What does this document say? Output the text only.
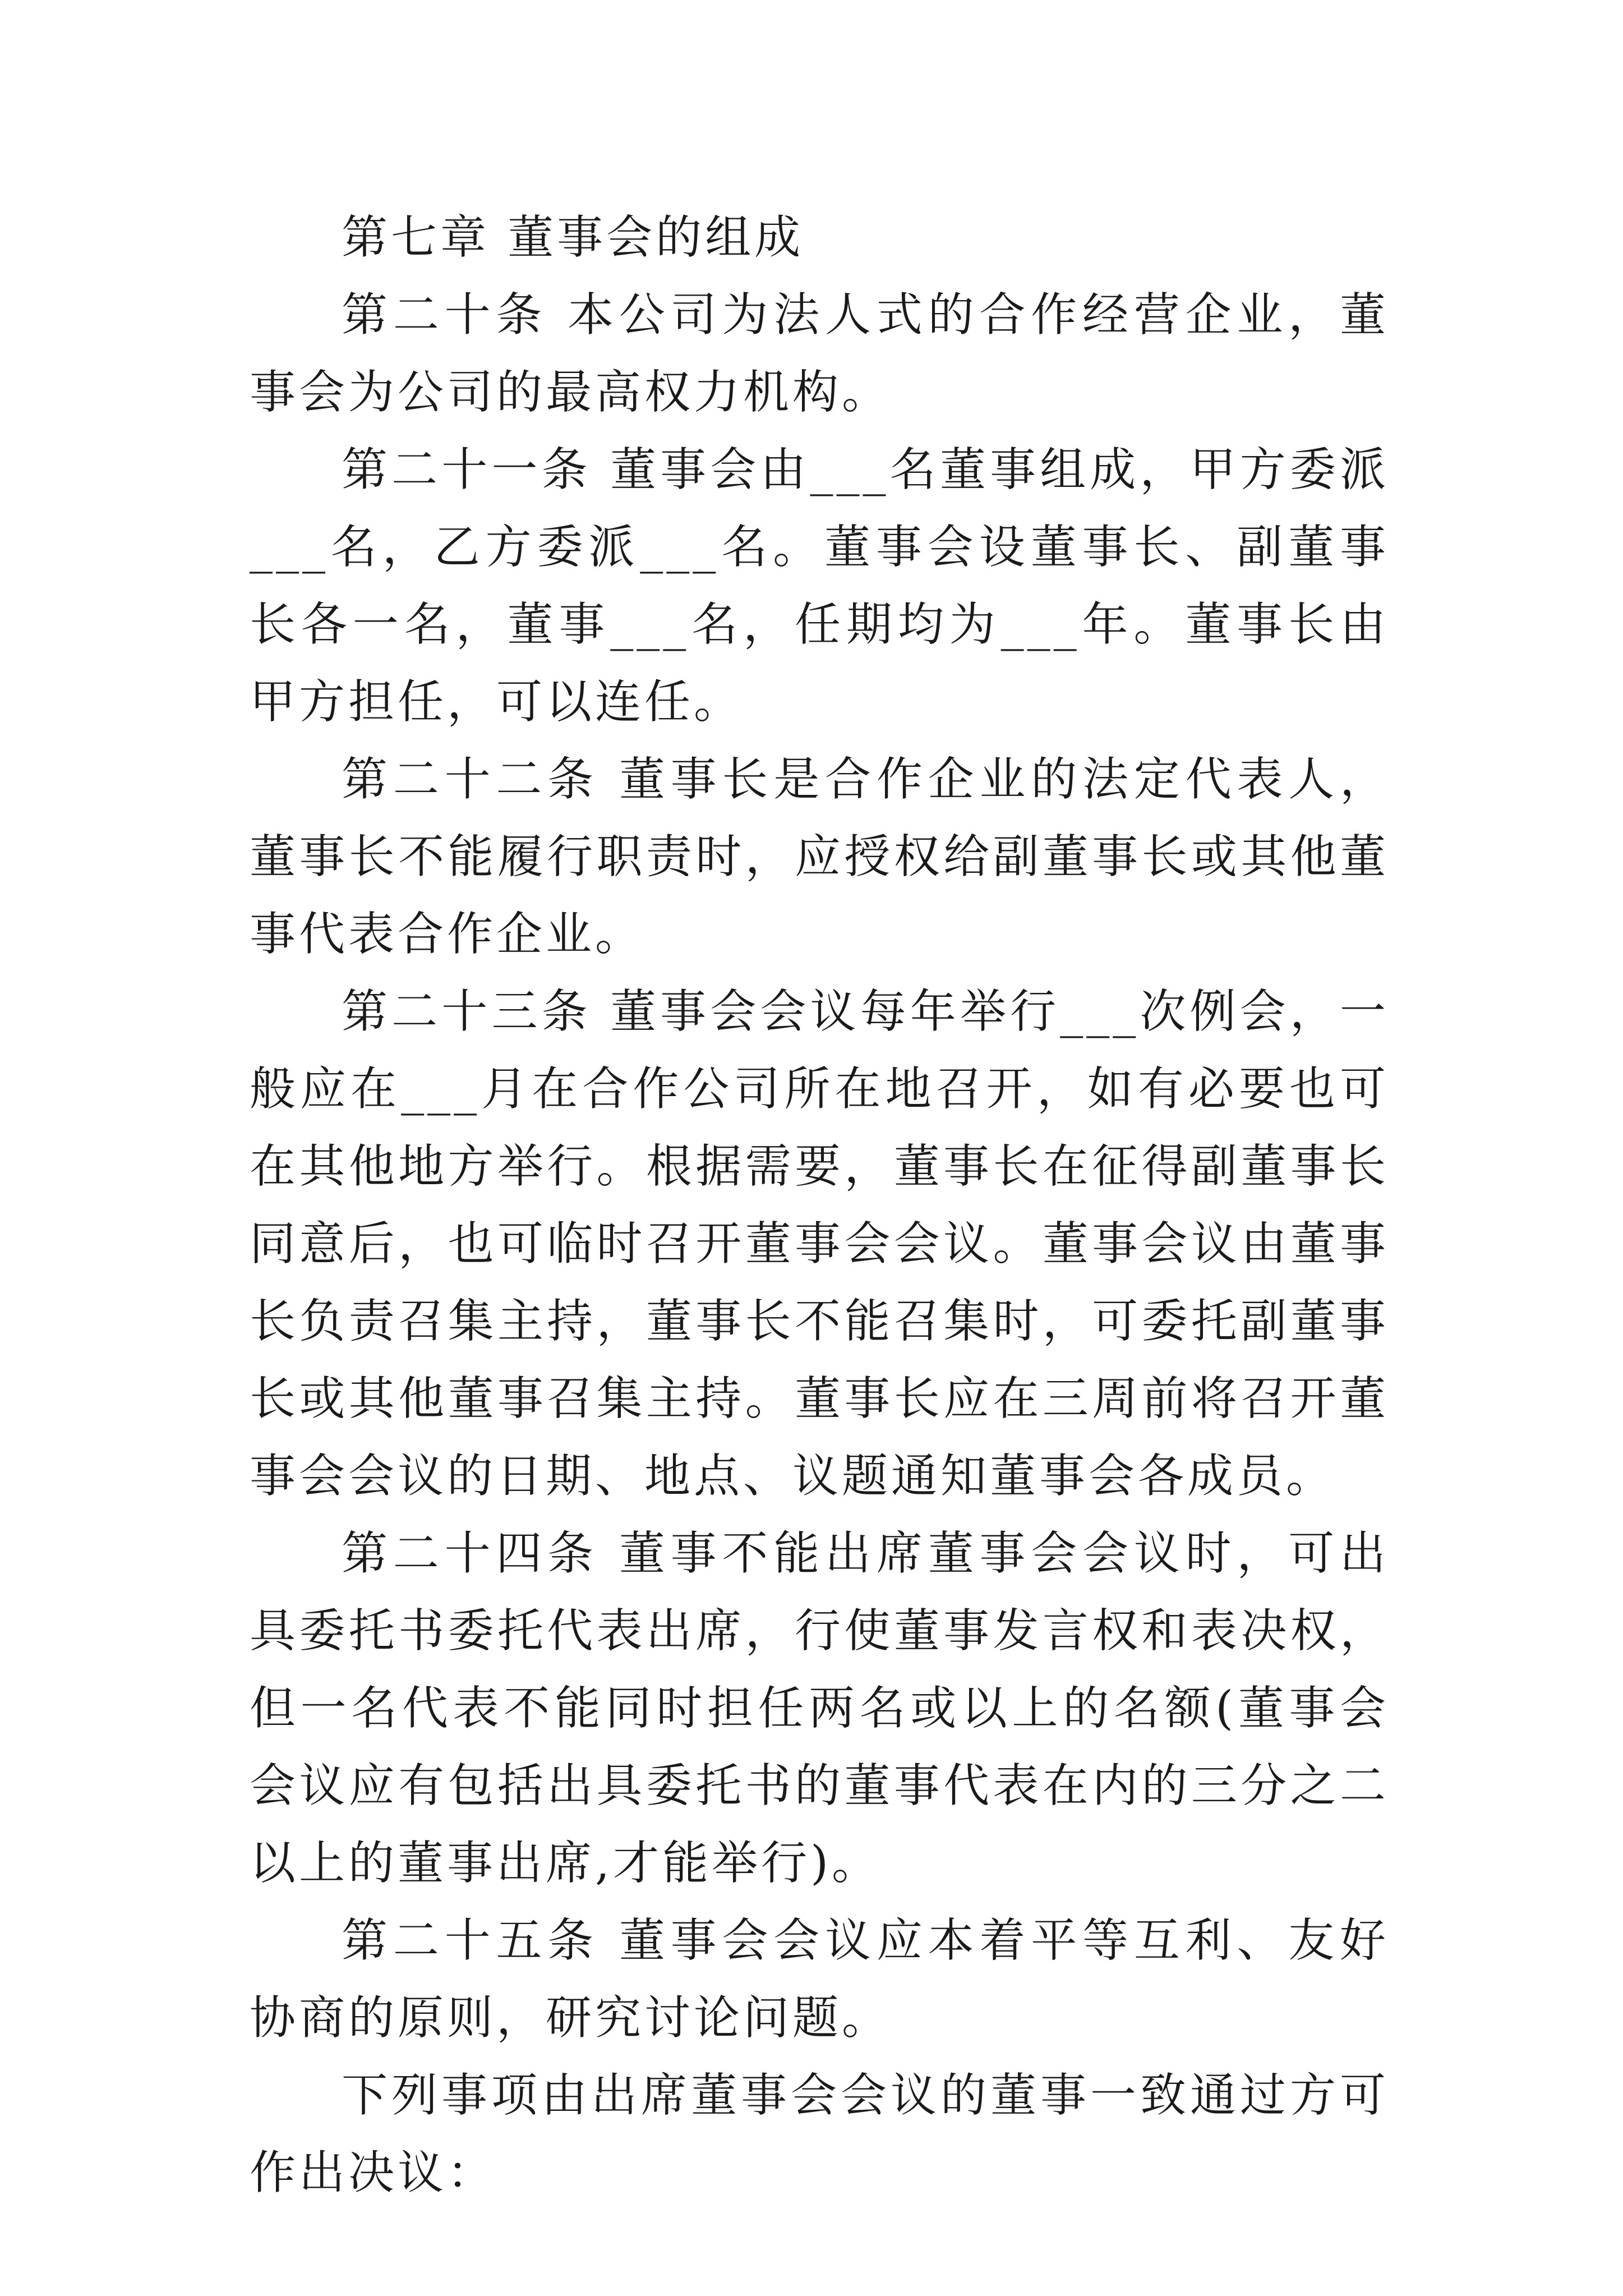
第七章 董事会的组成

第二十条 本公司为法人式的合作经营企业，董事会为公司的最高权力机构。

第二十一条 董事会由___名董事组成，甲方委派___名，乙方委派___名。董事会设董事长、副董事长各一名，董事___名，任期均为___年。董事长由甲方担任，可以连任。

第二十二条 董事长是合作企业的法定代表人，董事长不能履行职责时，应授权给副董事长或其他董事代表合作企业。

第二十三条 董事会会议每年举行___次例会，一般应在___月在合作公司所在地召开，如有必要也可在其他地方举行。根据需要，董事长在征得副董事长同意后，也可临时召开董事会会议。董事会议由董事长负责召集主持，董事长不能召集时，可委托副董事长或其他董事召集主持。董事长应在三周前将召开董事会会议的日期、地点、议题通知董事会各成员。

第二十四条 董事不能出席董事会会议时，可出具委托书委托代表出席，行使董事发言权和表决权，但一名代表不能同时担任两名或以上的名额(董事会会议应有包括出具委托书的董事代表在内的三分之二以上的董事出席,才能举行)。

第二十五条 董事会会议应本着平等互利、友好协商的原则，研究讨论问题。

下列事项由出席董事会会议的董事一致通过方可作出决议：
